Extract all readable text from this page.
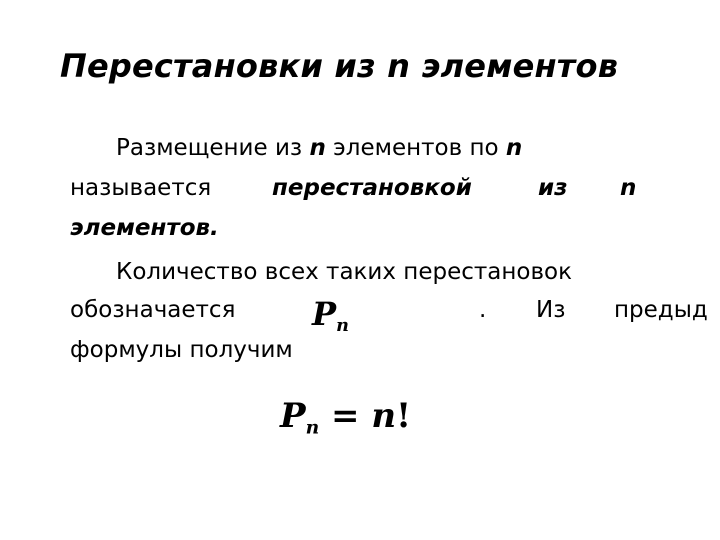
Перестановки из n элементов
Размещение из n элементов по n
называется	перестановкой	из n
элементов.
Количество всех таких перестановок
обозначается $P_n$
. Из предыд
формулы получим
$P_n = n$!
